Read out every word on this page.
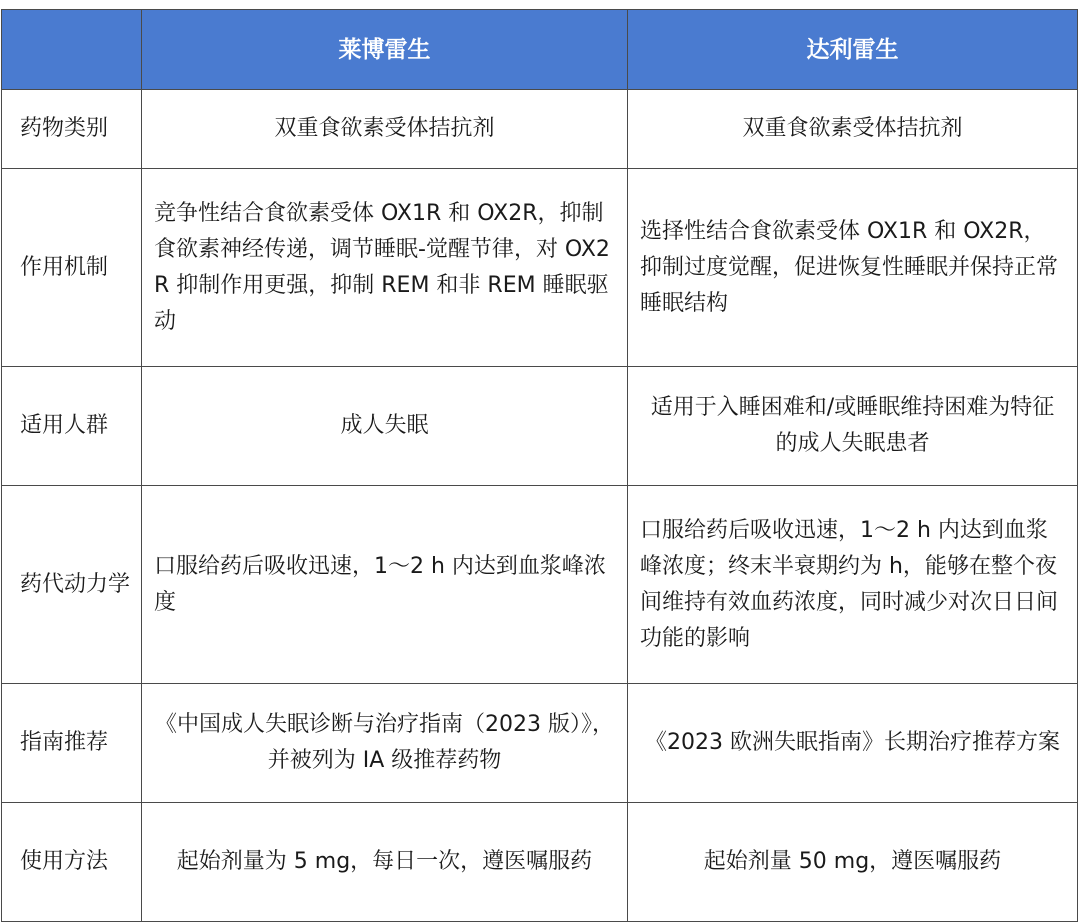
	莱博雷生	达利雷生
药物类别	双重食欲素受体拮抗剂	双重食欲素受体拮抗剂
作用机制	竞争性结合食欲素受体 OX1R 和 OX2R，抑制食欲素神经传递，调节睡眠-觉醒节律，对 OX2R 抑制作用更强，抑制 REM 和非 REM 睡眠驱动	选择性结合食欲素受体 OX1R 和 OX2R，抑制过度觉醒，促进恢复性睡眠并保持正常睡眠结构
适用人群	成人失眠	适用于入睡困难和/或睡眠维持困难为特征的成人失眠患者
药代动力学	口服给药后吸收迅速，1～2 h 内达到血浆峰浓度	口服给药后吸收迅速，1～2 h 内达到血浆峰浓度；终末半衰期约为 h，能够在整个夜间维持有效血药浓度，同时减少对次日日间功能的影响
指南推荐	《中国成人失眠诊断与治疗指南（2023 版）》，并被列为 IA 级推荐药物	《2023 欧洲失眠指南》长期治疗推荐方案
使用方法	起始剂量为 5 mg，每日一次，遵医嘱服药	起始剂量 50 mg，遵医嘱服药
